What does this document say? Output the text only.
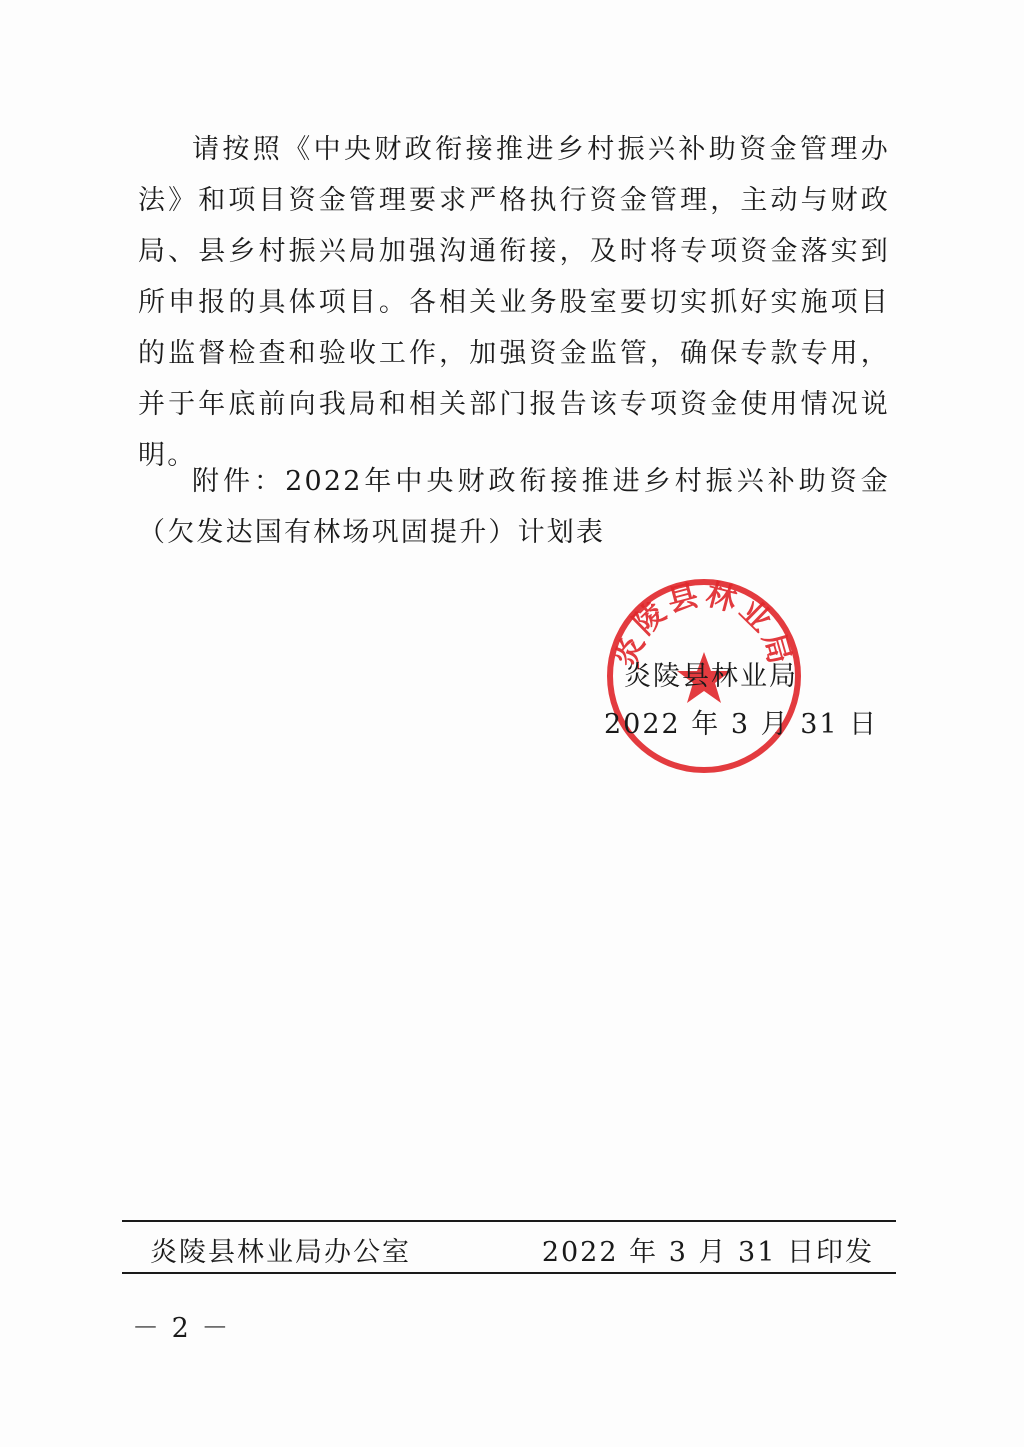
请按照《中央财政衔接推进乡村振兴补助资金管理办法》和项目资金管理要求严格执行资金管理，主动与财政局、县乡村振兴局加强沟通衔接，及时将专项资金落实到所申报的具体项目。各相关业务股室要切实抓好实施项目的监督检查和验收工作，加强资金监管，确保专款专用，并于年底前向我局和相关部门报告该专项资金使用情况说明。

附件：2022年中央财政衔接推进乡村振兴补助资金（欠发达国有林场巩固提升）计划表

炎陵县林业局
炎陵县林业局
2022 年 3 月 31 日
炎陵县林业局办公室	2022 年 3 月 31 日印发
－ 2 －
